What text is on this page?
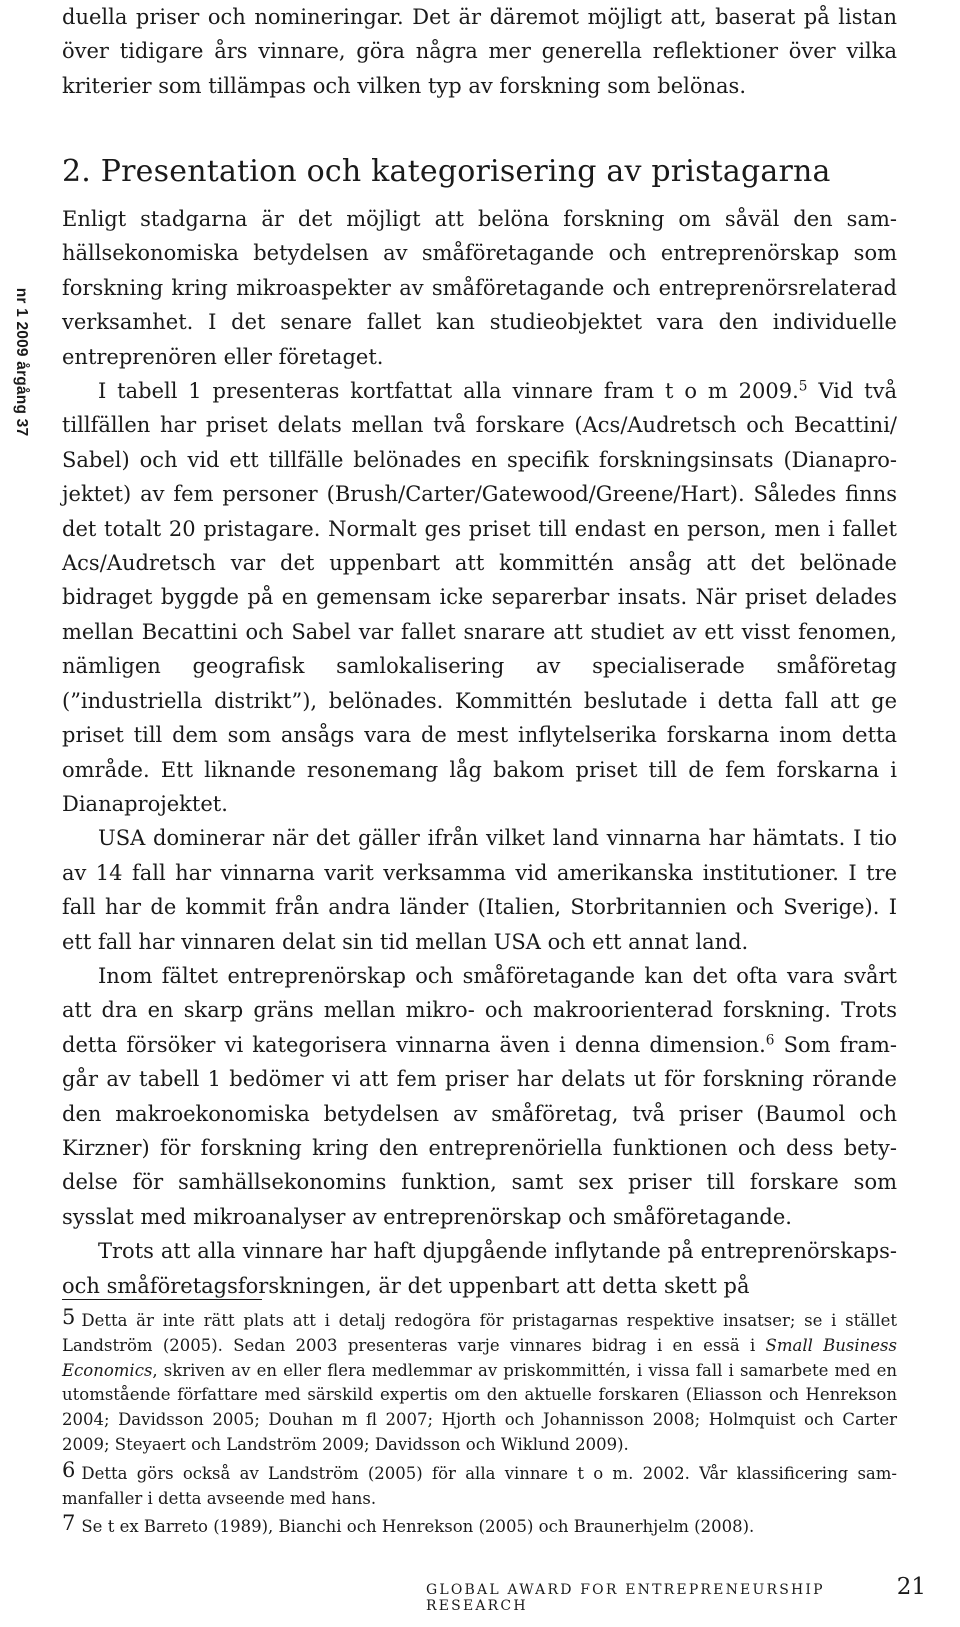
nr 1 2009 årgång 37

duella priser och nomineringar. Det är däremot möjligt att, baserat på listan över tidigare års vinnare, göra några mer generella reflektioner över vilka kriterier som tillämpas och vilken typ av forskning som belönas.

2. Presentation och kategorisering av pristagarna

Enligt stadgarna är det möjligt att belöna forskning om såväl den samhällsekonomiska betydelsen av småföretagande och entreprenörskap som forskning kring mikroaspekter av småföretagande och entreprenörsrelaterad verksamhet. I det senare fallet kan studieobjektet vara den individuelle entreprenören eller företaget.

I tabell 1 presenteras kortfattat alla vinnare fram t o m 2009.$^5$ Vid två tillfällen har priset delats mellan två forskare (Acs/Audretsch och Becattini/ Sabel) och vid ett tillfälle belönades en specifik forskningsinsats (Dianaprojektet) av fem personer (Brush/Carter/Gatewood/Greene/Hart). Således finns det totalt 20 pristagare. Normalt ges priset till endast en person, men i fallet Acs/Audretsch var det uppenbart att kommittén ansåg att det belönade bidraget byggde på en gemensam icke separerbar insats. När priset delades mellan Becattini och Sabel var fallet snarare att studiet av ett visst fenomen, nämligen geografisk samlokalisering av specialiserade småföretag (”industriella distrikt”), belönades. Kommittén beslutade i detta fall att ge priset till dem som ansågs vara de mest inflytelserika forskarna inom detta område. Ett liknande resonemang låg bakom priset till de fem forskarna i Dianaprojektet.

USA dominerar när det gäller ifrån vilket land vinnarna har hämtats. I tio av 14 fall har vinnarna varit verksamma vid amerikanska institutioner. I tre fall har de kommit från andra länder (Italien, Storbritannien och Sverige). I ett fall har vinnaren delat sin tid mellan USA och ett annat land.

Inom fältet entreprenörskap och småföretagande kan det ofta vara svårt att dra en skarp gräns mellan mikro- och makroorienterad forskning. Trots detta försöker vi kategorisera vinnarna även i denna dimension.$^6$ Som framgår av tabell 1 bedömer vi att fem priser har delats ut för forskning rörande den makroekonomiska betydelsen av småföretag, två priser (Baumol och Kirzner) för forskning kring den entreprenöriella funktionen och dess betydelse för samhällsekonomins funktion, samt sex priser till forskare som sysslat med mikroanalyser av entreprenörskap och småföretagande.

Trots att alla vinnare har haft djupgående inflytande på entreprenörskaps- och småföretagsforskningen, är det uppenbart att detta skett på

5 Detta är inte rätt plats att i detalj redogöra för pristagarnas respektive insatser; se i stället Landström (2005). Sedan 2003 presenteras varje vinnares bidrag i en essä i Small Business Economics, skriven av en eller flera medlemmar av priskommittén, i vissa fall i samarbete med en utomstående författare med särskild expertis om den aktuelle forskaren (Eliasson och Henrekson 2004; Davidsson 2005; Douhan m fl 2007; Hjorth och Johannisson 2008; Holmquist och Carter 2009; Steyaert och Landström 2009; Davidsson och Wiklund 2009).

6 Detta görs också av Landström (2005) för alla vinnare t o m. 2002. Vår klassificering sammanfaller i detta avseende med hans.

7 Se t ex Barreto (1989), Bianchi och Henrekson (2005) och Braunerhjelm (2008).

GLOBAL AWARD FOR ENTREPRENEURSHIP RESEARCH
21
